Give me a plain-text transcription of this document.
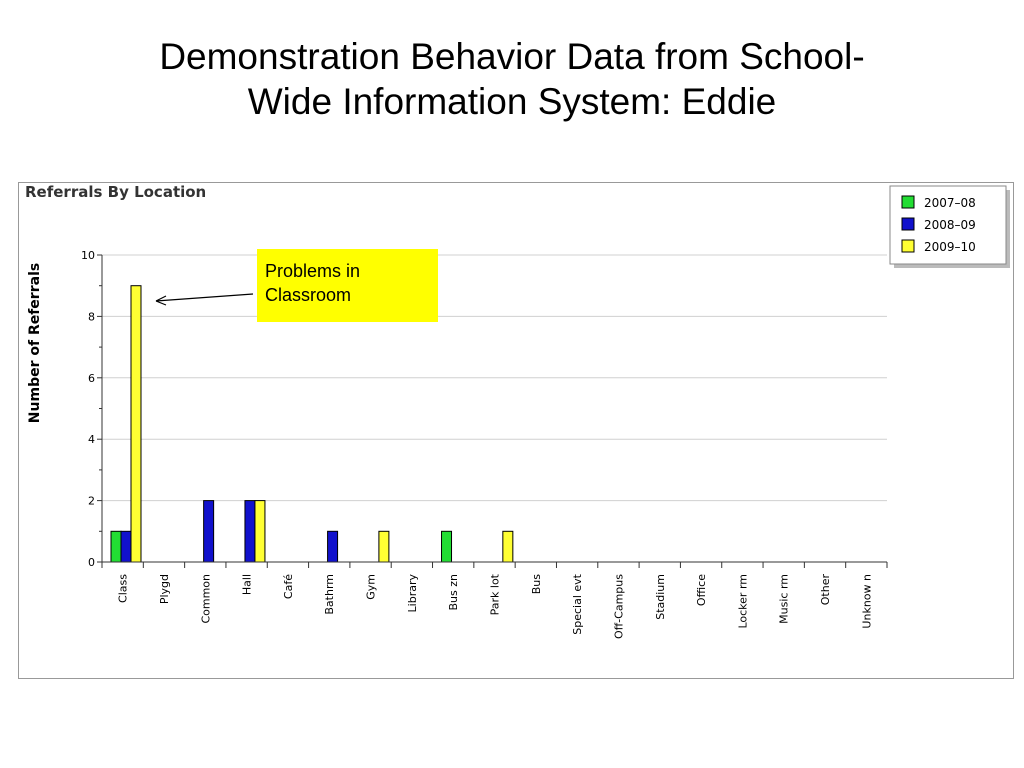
Demonstration Behavior Data from School-
Wide Information System: Eddie
Referrals By Location
0
2
4
6
8
10
Class	Plygd	Common	Hall	Café	Bathrm	Gym	Library	Bus zn	Park lot	Bus	Special evt	Off-Campus	Stadium	Office	Locker rm	Music rm	Other	Unknow n
Number of Referrals
2007–08
2008–09
2009–10
Problems in
Classroom
